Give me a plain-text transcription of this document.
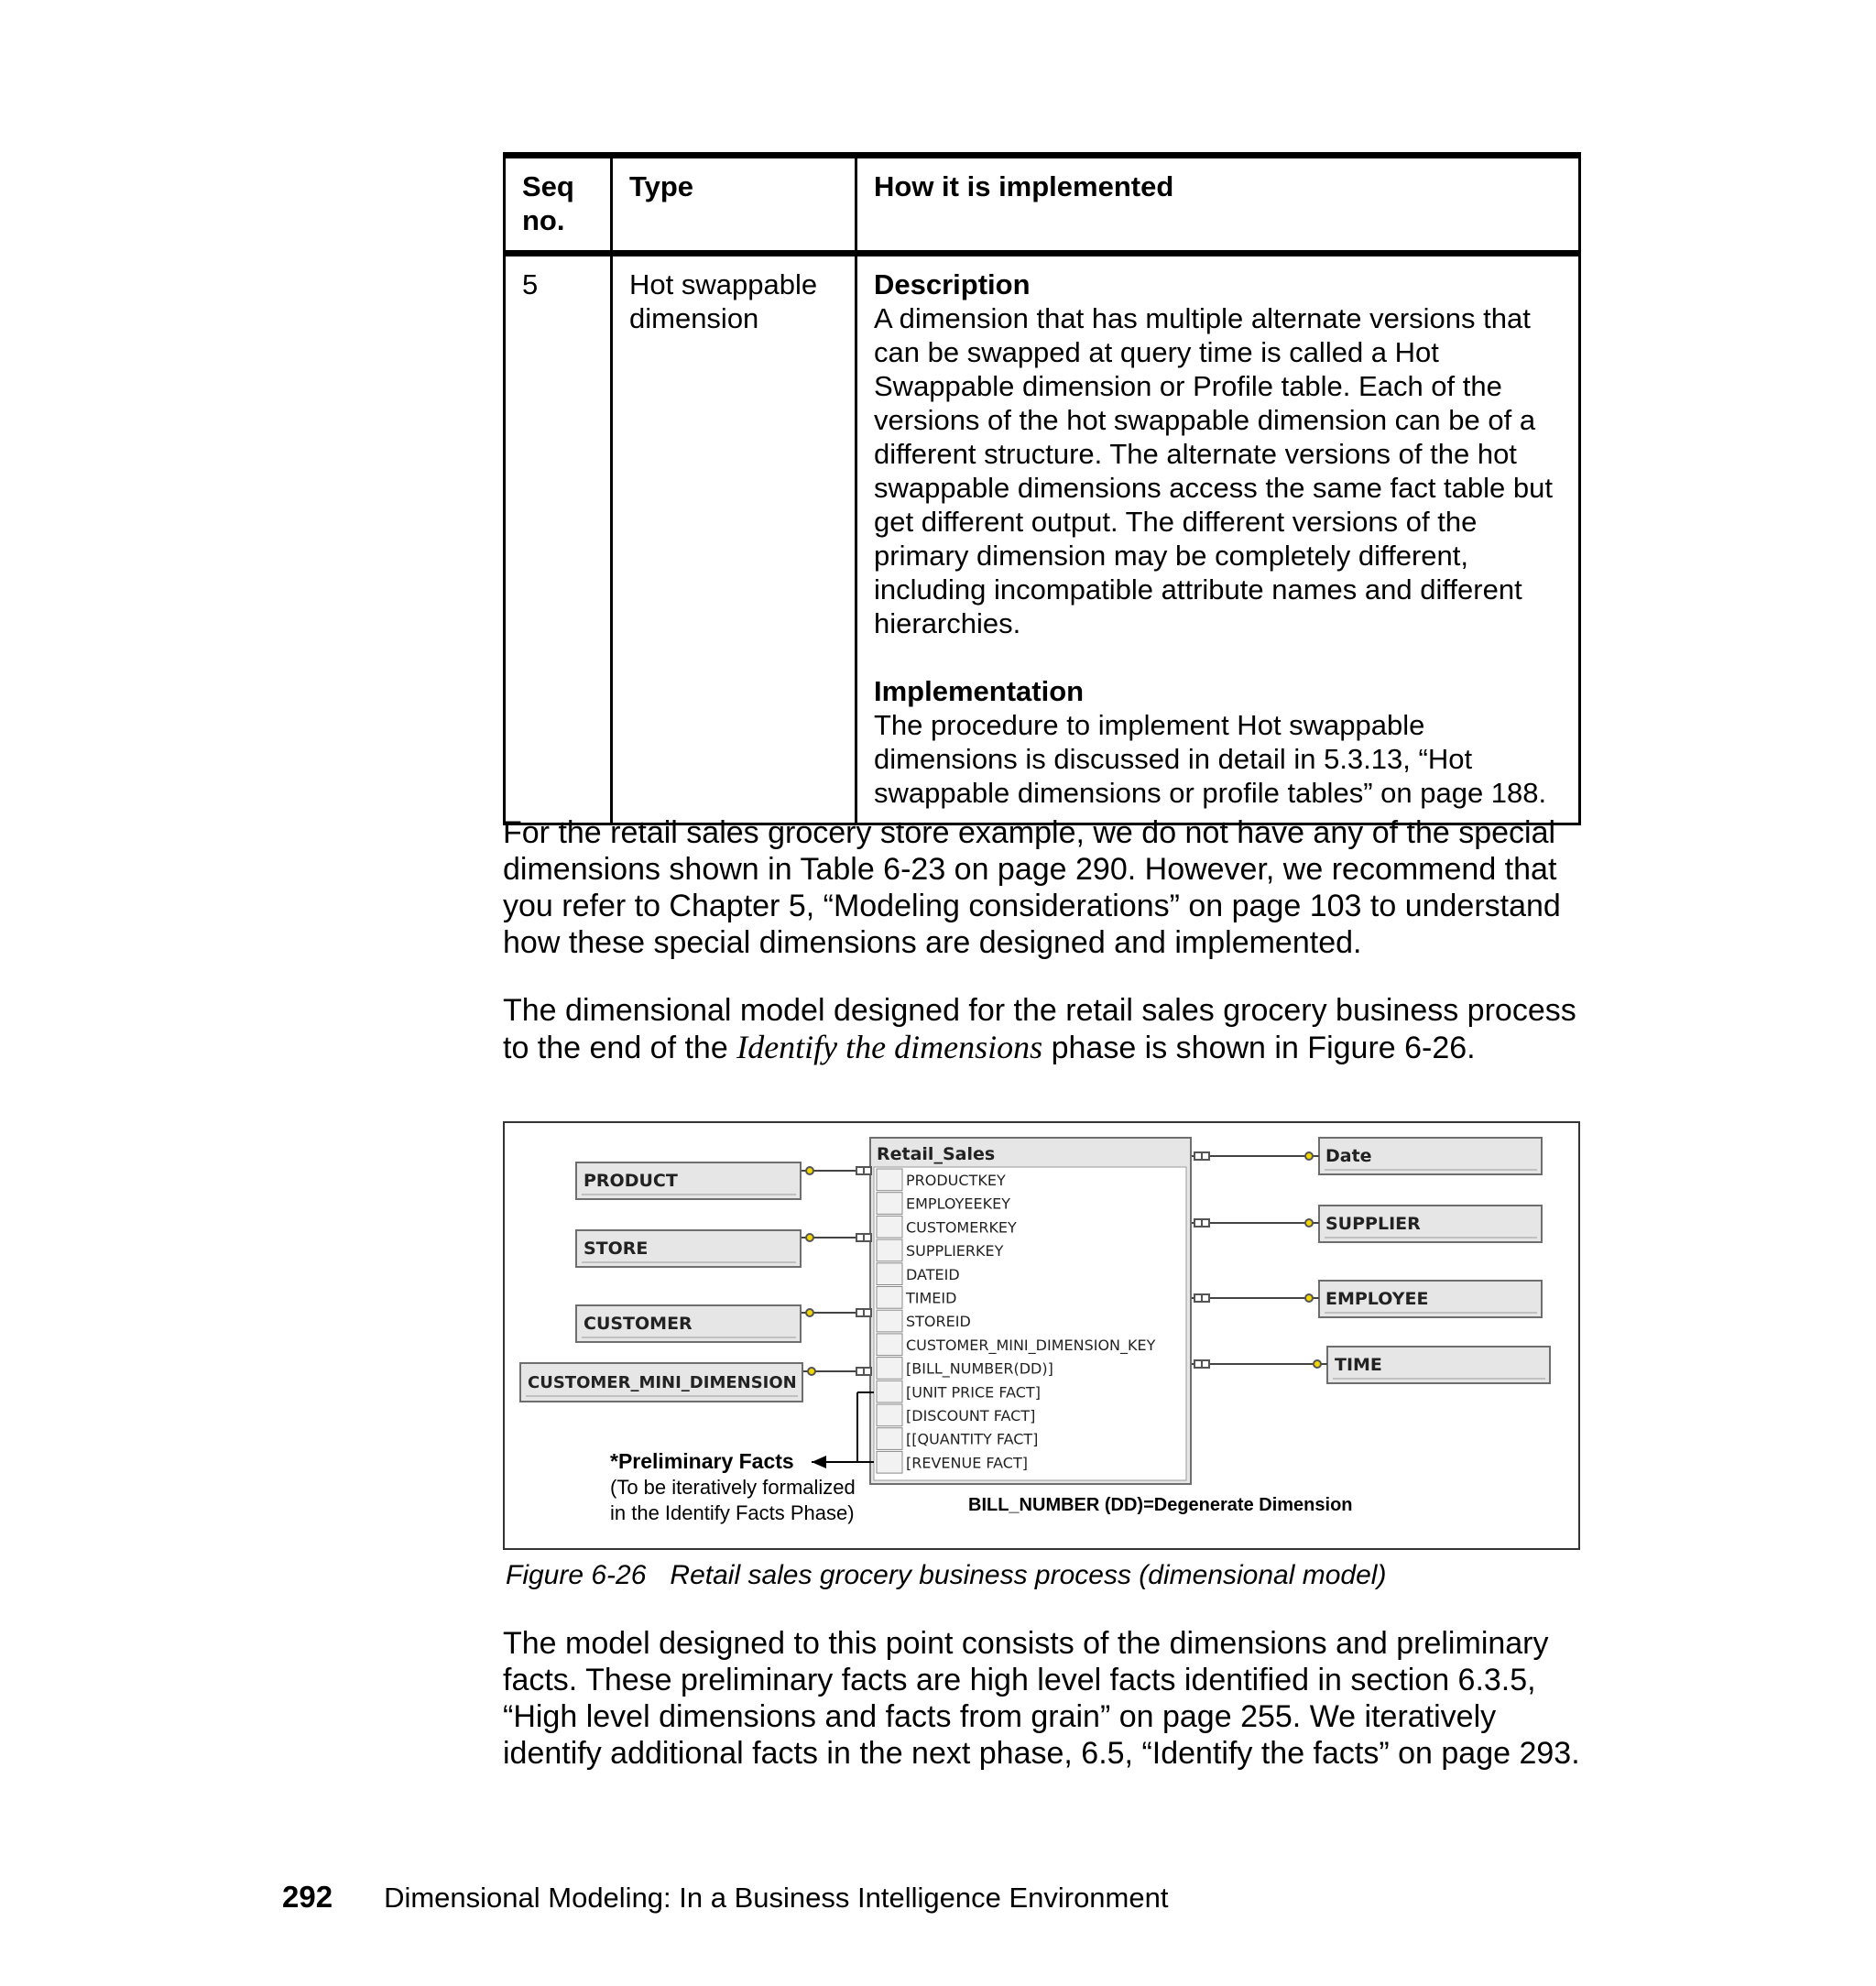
Seq no.	Type	How it is implemented
5	Hot swappable dimension	Description
A dimension that has multiple alternate versions that can be swapped at query time is called a Hot Swappable dimension or Profile table. Each of the versions of the hot swappable dimension can be of a different structure. The alternate versions of the hot swappable dimensions access the same fact table but get different output. The different versions of the primary dimension may be completely different, including incompatible attribute names and different hierarchies.
Implementation
The procedure to implement Hot swappable dimensions is discussed in detail in 5.3.13, “Hot swappable dimensions or profile tables” on page 188.

For the retail sales grocery store example, we do not have any of the special dimensions shown in Table 6-23 on page 290. However, we recommend that you refer to Chapter 5, “Modeling considerations” on page 103 to understand how these special dimensions are designed and implemented.

The dimensional model designed for the retail sales grocery business process to the end of the Identify the dimensions phase is shown in Figure 6-26.

Retail_Sales
PRODUCTKEY
EMPLOYEEKEY
CUSTOMERKEY
SUPPLIERKEY
DATEID
TIMEID
STOREID
CUSTOMER_MINI_DIMENSION_KEY
[BILL_NUMBER(DD)]
[UNIT PRICE FACT]
[DISCOUNT FACT]
[[QUANTITY FACT]
[REVENUE FACT]
PRODUCT
STORE
CUSTOMER
CUSTOMER_MINI_DIMENSION
Date
SUPPLIER
EMPLOYEE
TIME
*Preliminary Facts
(To be iteratively formalized
in the Identify Facts Phase)	BILL_NUMBER (DD)=Degenerate Dimension
Figure 6-26 Retail sales grocery business process (dimensional model)

The model designed to this point consists of the dimensions and preliminary facts. These preliminary facts are high level facts identified in section 6.3.5, “High level dimensions and facts from grain” on page 255. We iteratively identify additional facts in the next phase, 6.5, “Identify the facts” on page 293.

292 Dimensional Modeling: In a Business Intelligence Environment
